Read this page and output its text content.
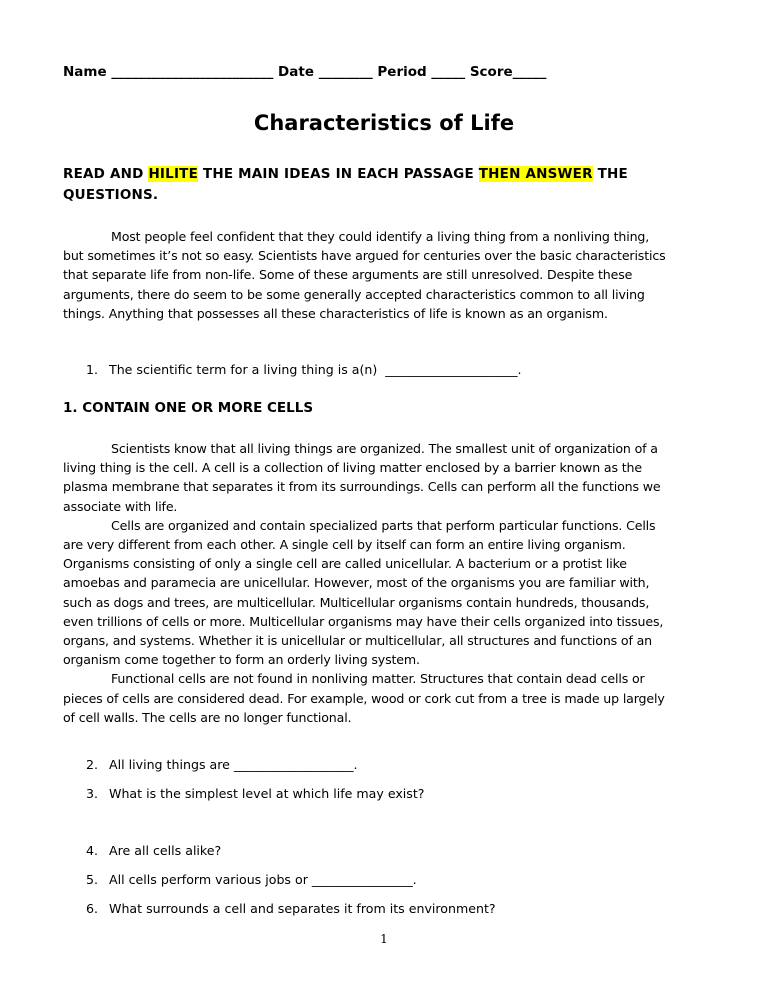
Name ________________________ Date ________ Period _____ Score_____
Characteristics of Life
READ AND HILITE THE MAIN IDEAS IN EACH PASSAGE THEN ANSWER THE QUESTIONS.

Most people feel confident that they could identify a living thing from a nonliving thing, but sometimes it’s not so easy. Scientists have argued for centuries over the basic characteristics that separate life from non-life. Some of these arguments are still unresolved. Despite these arguments, there do seem to be some generally accepted characteristics common to all living things. Anything that possesses all these characteristics of life is known as an organism.

1. The scientific term for a living thing is a(n)  _____________________.
1. CONTAIN ONE OR MORE CELLS

Scientists know that all living things are organized. The smallest unit of organization of a living thing is the cell. A cell is a collection of living matter enclosed by a barrier known as the plasma membrane that separates it from its surroundings. Cells can perform all the functions we associate with life.

Cells are organized and contain specialized parts that perform particular functions. Cells are very different from each other. A single cell by itself can form an entire living organism. Organisms consisting of only a single cell are called unicellular. A bacterium or a protist like amoebas and paramecia are unicellular. However, most of the organisms you are familiar with, such as dogs and trees, are multicellular. Multicellular organisms contain hundreds, thousands, even trillions of cells or more. Multicellular organisms may have their cells organized into tissues, organs, and systems. Whether it is unicellular or multicellular, all structures and functions of an organism come together to form an orderly living system.

Functional cells are not found in nonliving matter. Structures that contain dead cells or pieces of cells are considered dead. For example, wood or cork cut from a tree is made up largely of cell walls. The cells are no longer functional.

2. All living things are ___________________.
3. What is the simplest level at which life may exist?
4. Are all cells alike?
5. All cells perform various jobs or ________________.
6. What surrounds a cell and separates it from its environment?
1
